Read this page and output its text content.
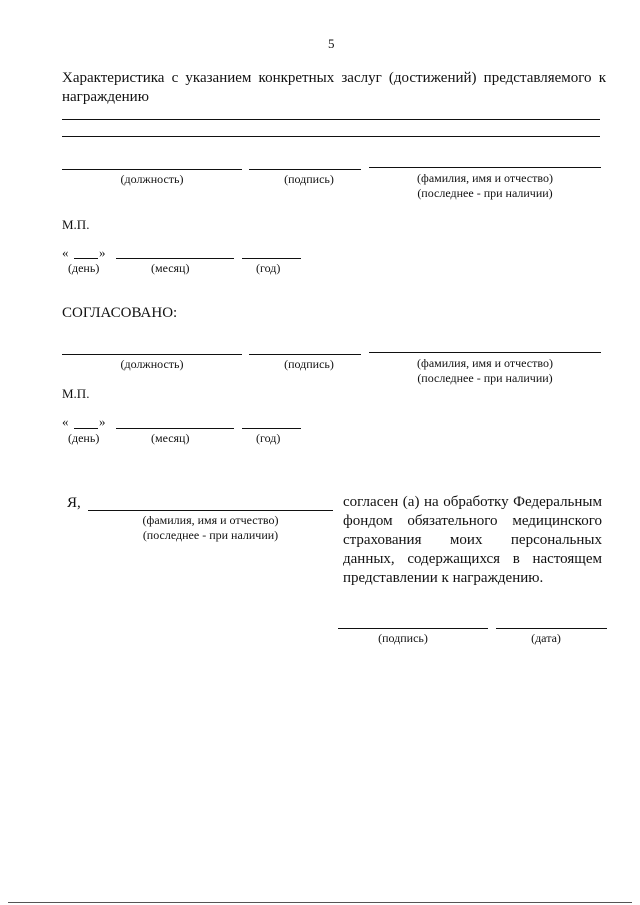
5
Характеристика с указанием конкретных заслуг (достижений) представляемого к
награждению
(должность)	(подпись)	(фамилия, имя и отчество)
(последнее - при наличии)
М.П.
« »
(день)	(месяц)	(год)
СОГЛАСОВАНО:
(должность)	(подпись)	(фамилия, имя и отчество)
(последнее - при наличии)
М.П.
« »
(день)	(месяц)	(год)
Я,
(фамилия, имя и отчество)
(последнее - при наличии)
согласен (а) на обработку Федеральным
фондом обязательного медицинского
страхования моих персональных
данных, содержащихся в настоящем
представлении к награждению.
(подпись)	(дата)
